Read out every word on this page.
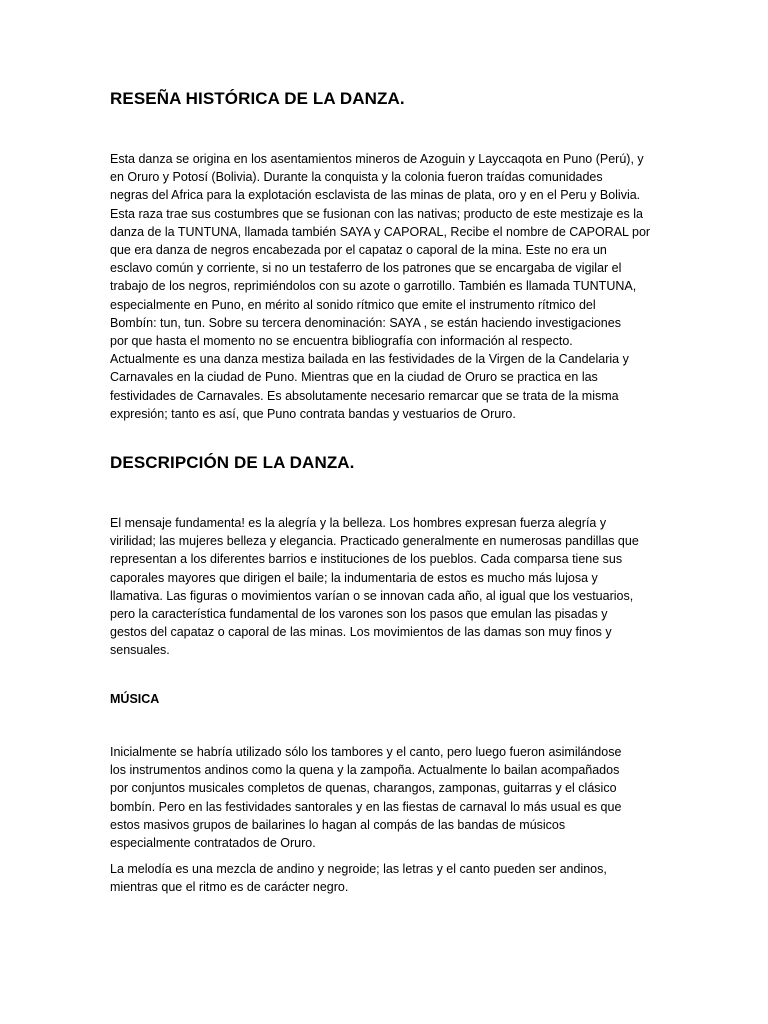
RESEÑA HISTÓRICA DE LA DANZA.
Esta danza se origina en los asentamientos mineros de Azoguin y Layccaqota en Puno (Perú), y
en Oruro y Potosí (Bolivia). Durante la conquista y la colonia fueron traídas comunidades
negras del Africa para la explotación esclavista de las minas de plata, oro y en el Peru y Bolivia.
Esta raza trae sus costumbres que se fusionan con las nativas; producto de este mestizaje es la
danza de la TUNTUNA, llamada también SAYA y CAPORAL, Recibe el nombre de CAPORAL por
que era danza de negros encabezada por el capataz o caporal de la mina. Este no era un
esclavo común y corriente, si no un testaferro de los patrones que se encargaba de vigilar el
trabajo de los negros, reprimiéndolos con su azote o garrotillo. También es llamada TUNTUNA,
especialmente en Puno, en mérito al sonido rítmico que emite el instrumento rítmico del
Bombín: tun, tun. Sobre su tercera denominación: SAYA , se están haciendo investigaciones
por que hasta el momento no se encuentra bibliografía con información al respecto.
Actualmente es una danza mestiza bailada en las festividades de la Virgen de la Candelaria y
Carnavales en la ciudad de Puno. Mientras que en la ciudad de Oruro se practica en las
festividades de Carnavales. Es absolutamente necesario remarcar que se trata de la misma
expresión; tanto es así, que Puno contrata bandas y vestuarios de Oruro.
DESCRIPCIÓN DE LA DANZA.
El mensaje fundamenta! es la alegría y la belleza. Los hombres expresan fuerza alegría y
virilidad; las mujeres belleza y elegancia. Practicado generalmente en numerosas pandillas que
representan a los diferentes barrios e instituciones de los pueblos. Cada comparsa tiene sus
caporales mayores que dirigen el baile; la indumentaria de estos es mucho más lujosa y
llamativa. Las figuras o movimientos varían o se innovan cada año, al igual que los vestuarios,
pero la característica fundamental de los varones son los pasos que emulan las pisadas y
gestos del capataz o caporal de las minas. Los movimientos de las damas son muy finos y
sensuales.
MÚSICA
Inicialmente se habría utilizado sólo los tambores y el canto, pero luego fueron asimilándose
los instrumentos andinos como la quena y la zampoña. Actualmente lo bailan acompañados
por conjuntos musicales completos de quenas, charangos, zamponas, guitarras y el clásico
bombín. Pero en las festividades santorales y en las fiestas de carnaval lo más usual es que
estos masivos grupos de bailarines lo hagan al compás de las bandas de músicos
especialmente contratados de Oruro.
La melodía es una mezcla de andino y negroide; las letras y el canto pueden ser andinos,
mientras que el ritmo es de carácter negro.
